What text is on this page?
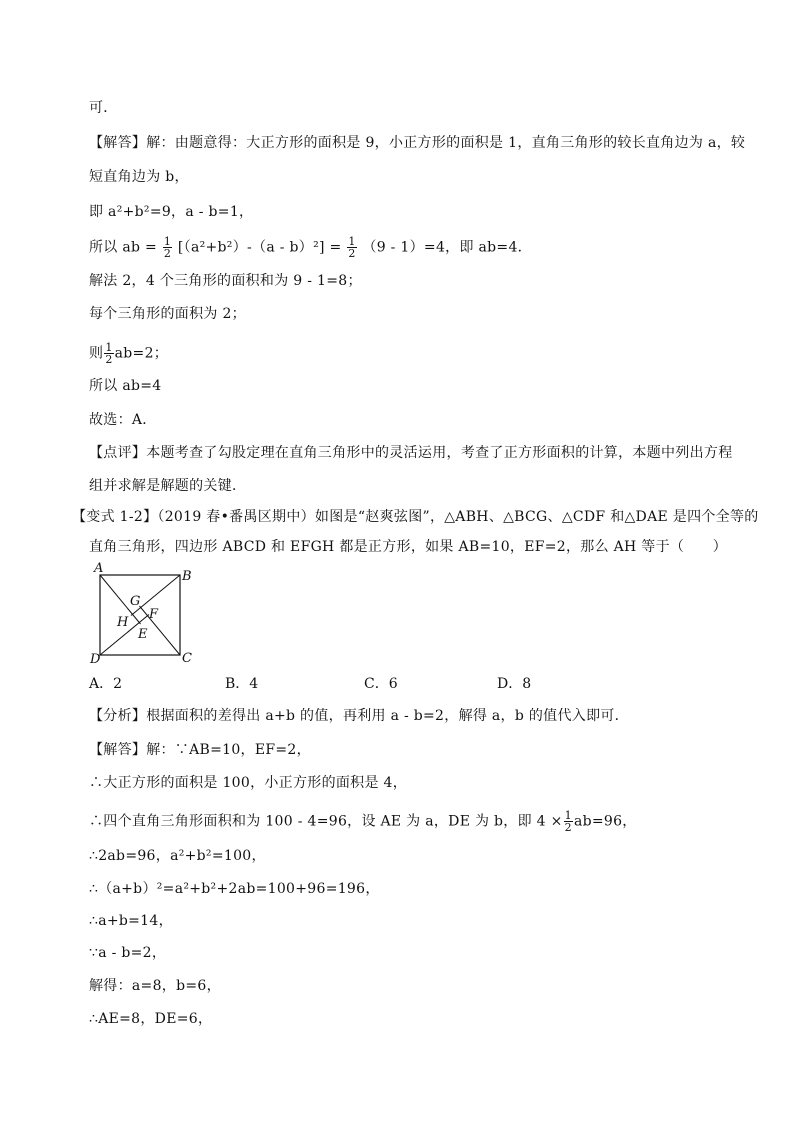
可．
【解答】解：由题意得：大正方形的面积是 9，小正方形的面积是 1，直角三角形的较长直角边为 a，较
短直角边为 b，
即 a²+b²=9，a - b=1，
所以 ab = $\frac{1}{2} [(a^2+b^2)-(a - b)^2] = \frac{1}{2} (9 - 1)=4$，即 ab=4．
解法 2，4 个三角形的面积和为 9 - 1=8；
每个三角形的面积为 2；
则 $\frac{1}{2} ab=2$；
所以 ab=4
故选：A．
【点评】本题考查了勾股定理在直角三角形中的灵活运用，考查了正方形面积的计算，本题中列出方程
组并求解是解题的关键．
【变式 1-2】（2019 春•番禺区期中）如图是“赵爽弦图”，△ABH、△BCG、△CDF 和△DAE 是四个全等的
直角三角形，四边形 ABCD 和 EFGH 都是正方形，如果 AB=10，EF=2，那么 AH 等于（　　）
A
B
C
D
G
H
F
E
A．2	B．4	C．6	D．8
【分析】根据面积的差得出 a+b 的值，再利用 a - b=2，解得 a，b 的值代入即可．
【解答】解：∵AB=10，EF=2，
∴大正方形的面积是 100，小正方形的面积是 4，
∴四个直角三角形面积和为 100 - 4=96，设 AE 为 a，DE 为 b，即 $4 \times \frac{1}{2} ab=96$，
∴2ab=96，a²+b²=100，
∴（a+b）²=a²+b²+2ab=100+96=196，
∴a+b=14，
∵a - b=2，
解得：a=8，b=6，
∴AE=8，DE=6，
